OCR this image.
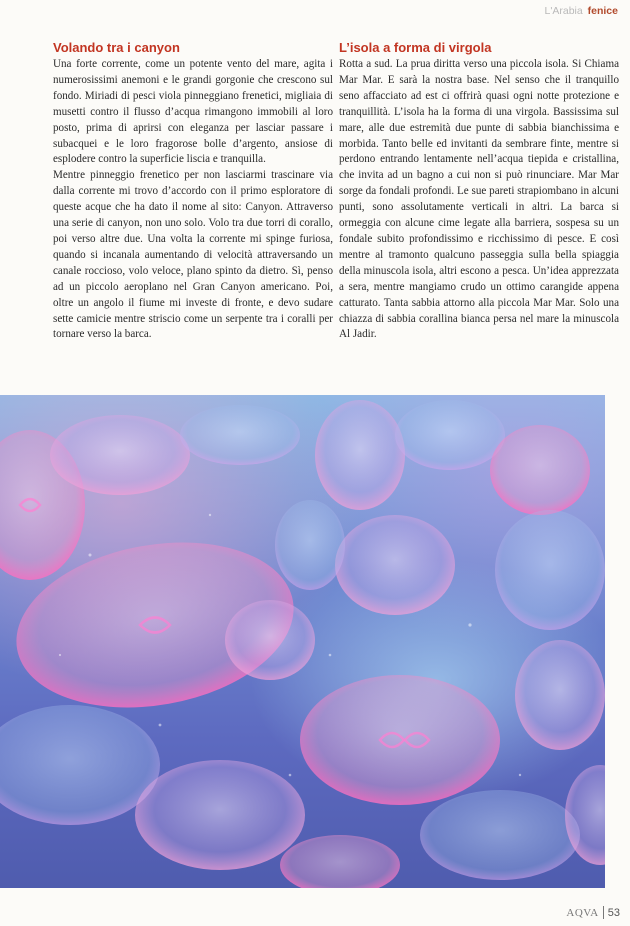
L'Arabia fenice
Volando tra i canyon

Una forte corrente, come un potente vento del mare, agita i numerosissimi anemoni e le grandi gorgonie che crescono sul fondo. Miriadi di pesci viola pinneggiano frenetici, migliaia di musetti contro il flusso d’acqua rimangono immobili al loro posto, prima di aprirsi con eleganza per lasciar passare i subacquei e le loro fragorose bolle d’argento, ansiose di esplodere contro la superficie liscia e tranquilla.

Mentre pinneggio frenetico per non lasciarmi trascinare via dalla corrente mi trovo d’accordo con il primo esploratore di queste acque che ha dato il nome al sito: Canyon. Attraverso una serie di canyon, non uno solo. Volo tra due torri di corallo, poi verso altre due. Una volta la corrente mi spinge furiosa, quando si incanala aumentando di velocità attraversando un canale roccioso, volo veloce, plano spinto da dietro. Sì, penso ad un piccolo aeroplano nel Gran Canyon americano. Poi, oltre un angolo il fiume mi investe di fronte, e devo sudare sette camicie mentre striscio come un serpente tra i coralli per tornare verso la barca.

L’isola a forma di virgola

Rotta a sud. La prua diritta verso una piccola isola. Si Chiama Mar Mar. E sarà la nostra base. Nel senso che il tranquillo seno affacciato ad est ci offrirà quasi ogni notte protezione e tranquillità. L’isola ha la forma di una virgola. Bassissima sul mare, alle due estremità due punte di sabbia bianchissima e morbida. Tanto belle ed invitanti da sembrare finte, mentre si perdono entrando lentamente nell’acqua tiepida e cristallina, che invita ad un bagno a cui non si può rinunciare. Mar Mar sorge da fondali profondi. Le sue pareti strapiombano in alcuni punti, sono assolutamente verticali in altri. La barca si ormeggia con alcune cime legate alla barriera, sospesa su un fondale subito profondissimo e ricchissimo di pesce. E così mentre al tramonto qualcuno passeggia sulla bella spiaggia della minuscola isola, altri escono a pesca. Un’idea apprezzata a sera, mentre mangiamo crudo un ottimo carangide appena catturato. Tanta sabbia attorno alla piccola Mar Mar. Solo una chiazza di sabbia corallina bianca persa nel mare la minuscola Al Jadir.

AQVA 53
